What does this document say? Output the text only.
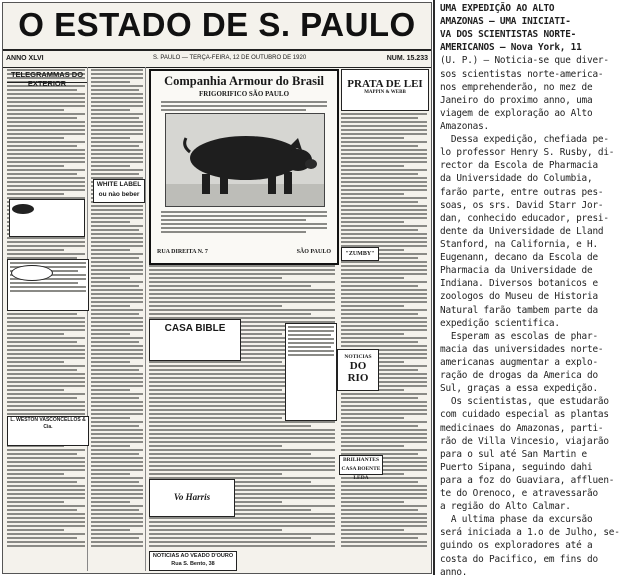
O ESTADO DE S. PAULO
ANNO XLVI	S. PAULO — TERÇA-FEIRA, 12 DE OUTUBRO DE 1920	NUM. 15.233
TELEGRAMMAS DO EXTERIOR
L. WESTON VASCONCELLOS & Cia.
WHITE LABEL
ou nào beber
Companhia Armour do Brasil
FRIGORIFICO SÃO PAULO
RUA DIREITA N. 7	SÃO PAULO
PRATA DE LEI
MAPPIN & WEBB
"ZUMBY"
CASA BIBLE
NOTICIAS
DO RIO
BRILHANTES
CASA BOENTE LEDA
Vo Harris
NOTICIAS AO VEADO D'OURO
Rua S. Bento, 38
UMA EXPEDIÇÃO AO ALTO
AMAZONAS — UMA INICIATI-
VA DOS SCIENTISTAS NORTE-
AMERICANOS — Nova York, 11
(U. P.) — Noticia-se que diver-
sos scientistas norte-america-
nos emprehenderão, no mez de
Janeiro do proximo anno, uma
viagem de exploração ao Alto
Amazonas.
Dessa expedição, chefiada pe-
lo professor Henry S. Rusby, di-
rector da Escola de Pharmacia
da Universidade do Columbia,
farão parte, entre outras pes-
soas, os srs. David Starr Jor-
dan, conhecido educador, presi-
dente da Universidade de Lland
Stanford, na California, e H.
Eugenann, decano da Escola de
Pharmacia da Universidade de
Indiana. Diversos botanicos e
zoologos do Museu de Historia
Natural farão tambem parte da
expedição scientifica.
Esperam as escolas de phar-
macia das universidades norte-
americanas augmentar a explo-
ração de drogas da America do
Sul, graças a essa expedição.
Os scientistas, que estudarão
com cuidado especial as plantas
medicinaes do Amazonas, parti-
rão de Villa Vincesio, viajarão
para o sul até San Martin e
Puerto Sipana, seguindo dahi
para a foz do Guaviara, affluen-
te do Orenoco, e atravessarão
a região do Alto Calmar.
A ultima phase da excursão
será iniciada a 1.o de Julho, se-
guindo os exploradores até a
costa do Pacifico, em fins do
anno.
